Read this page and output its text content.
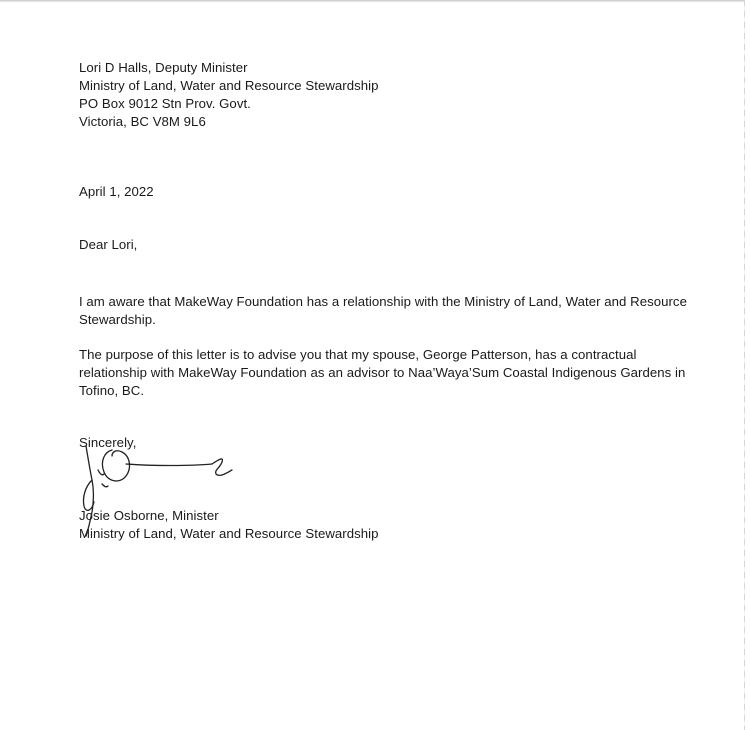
Lori D Halls, Deputy Minister
Ministry of Land, Water and Resource Stewardship
PO Box 9012 Stn Prov. Govt.
Victoria, BC V8M 9L6
April 1, 2022
Dear Lori,
I am aware that MakeWay Foundation has a relationship with the Ministry of Land, Water and Resource
Stewardship.
The purpose of this letter is to advise you that my spouse, George Patterson, has a contractual
relationship with MakeWay Foundation as an advisor to Naa’Waya’Sum Coastal Indigenous Gardens in
Tofino, BC.
Sincerely,
Josie Osborne, Minister
Ministry of Land, Water and Resource Stewardship
